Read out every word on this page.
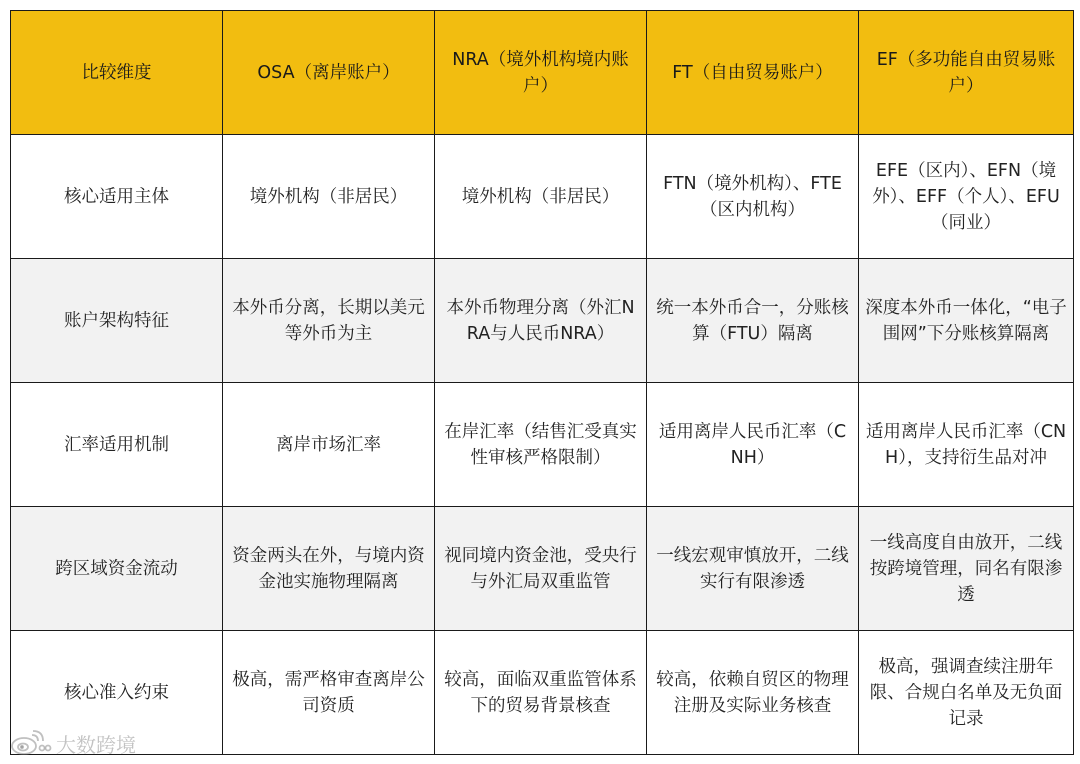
比较维度	OSA（离岸账户）	NRA（境外机构境内账户）	FT（自由贸易账户）	EF（多功能自由贸易账户）
核心适用主体	境外机构（非居民）	境外机构（非居民）	FTN（境外机构）、FTE（区内机构）	EFE（区内）、EFN（境外）、EFF（个人）、EFU（同业）
账户架构特征	本外币分离，长期以美元等外币为主	本外币物理分离（外汇NRA与人民币NRA）	统一本外币合一，分账核算（FTU）隔离	深度本外币一体化，“电子围网”下分账核算隔离
汇率适用机制	离岸市场汇率	在岸汇率（结售汇受真实性审核严格限制）	适用离岸人民币汇率（CNH）	适用离岸人民币汇率（CNH），支持衍生品对冲
跨区域资金流动	资金两头在外，与境内资金池实施物理隔离	视同境内资金池，受央行与外汇局双重监管	一线宏观审慎放开，二线实行有限渗透	一线高度自由放开，二线按跨境管理，同名有限渗透
核心准入约束	极高，需严格审查离岸公司资质	较高，面临双重监管体系下的贸易背景核查	较高，依赖自贸区的物理注册及实际业务核查	极高，强调查续注册年限、合规白名单及无负面记录
大数跨境
